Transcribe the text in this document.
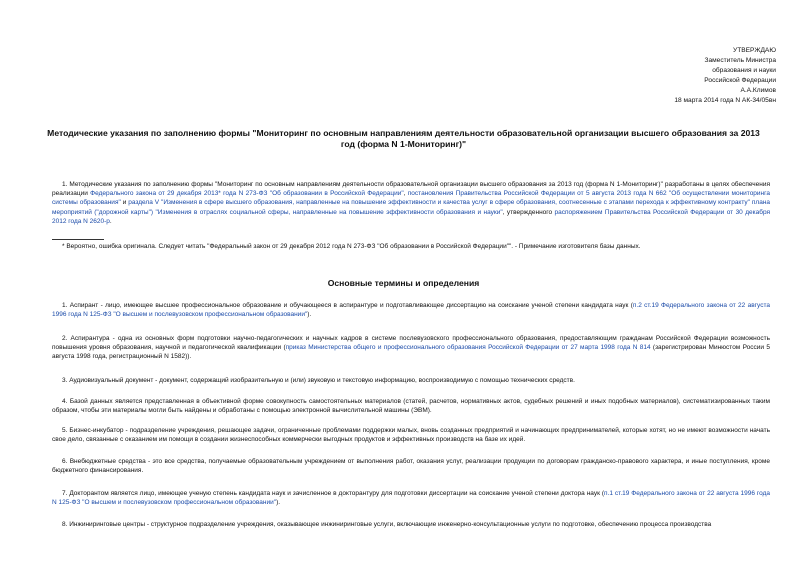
УТВЕРЖДАЮ
Заместитель Министра
образования и науки
Российской Федерации
А.А.Климов
18 марта 2014 года N АК-34/05вн
Методические указания по заполнению формы "Мониторинг по основным направлениям деятельности образовательной организации высшего образования за 2013 год (форма N 1-Мониторинг)"
1. Методические указания по заполнению формы "Мониторинг по основным направлениям деятельности образовательной организации высшего образования за 2013 год (форма N 1-Мониторинг)" разработаны в целях обеспечения реализации Федерального закона от 29 декабря 2013* года N 273-ФЗ "Об образовании в Российской Федерации", постановления Правительства Российской Федерации от 5 августа 2013 года N 662 "Об осуществлении мониторинга системы образования" и раздела V "Изменения в сфере высшего образования, направленные на повышение эффективности и качества услуг в сфере образования, соотнесенные с этапами перехода к эффективному контракту" плана мероприятий ("дорожной карты") "Изменения в отраслях социальной сферы, направленные на повышение эффективности образования и науки", утвержденного распоряжением Правительства Российской Федерации от 30 декабря 2012 года N 2620-р.
* Вероятно, ошибка оригинала. Следует читать "Федеральный закон от 29 декабря 2012 года N 273-ФЗ "Об образовании в Российской Федерации"". - Примечание изготовителя базы данных.
Основные термины и определения
1. Аспирант - лицо, имеющее высшее профессиональное образование и обучающееся в аспирантуре и подготавливающее диссертацию на соискание ученой степени кандидата наук (п.2 ст.19 Федерального закона от 22 августа 1996 года N 125-ФЗ "О высшем и послевузовском профессиональном образовании").
2. Аспирантура - одна из основных форм подготовки научно-педагогических и научных кадров в системе послевузовского профессионального образования, предоставляющим гражданам Российской Федерации возможность повышения уровня образования, научной и педагогической квалификации (приказ Министерства общего и профессионального образования Российской Федерации от 27 марта 1998 года N 814 (зарегистрирован Минюстом России 5 августа 1998 года, регистрационный N 1582)).
3. Аудиовизуальный документ - документ, содержащий изобразительную и (или) звуковую и текстовую информацию, воспроизводимую с помощью технических средств.
4. Базой данных является представленная в объективной форме совокупность самостоятельных материалов (статей, расчетов, нормативных актов, судебных решений и иных подобных материалов), систематизированных таким образом, чтобы эти материалы могли быть найдены и обработаны с помощью электронной вычислительной машины (ЭВМ).
5. Бизнес-инкубатор - подразделение учреждения, решающее задачи, ограниченные проблемами поддержки малых, вновь созданных предприятий и начинающих предпринимателей, которые хотят, но не имеют возможности начать свое дело, связанные с оказанием им помощи в создании жизнеспособных коммерчески выгодных продуктов и эффективных производств на базе их идей.
6. Внебюджетные средства - это все средства, получаемые образовательным учреждением от выполнения работ, оказания услуг, реализации продукции по договорам гражданско-правового характера, и иные поступления, кроме бюджетного финансирования.
7. Докторантом является лицо, имеющее ученую степень кандидата наук и зачисленное в докторантуру для подготовки диссертации на соискание ученой степени доктора наук (п.1 ст.19 Федерального закона от 22 августа 1996 года N 125-ФЗ "О высшем и послевузовском профессиональном образовании").
8. Инжиниринговые центры - структурное подразделение учреждения, оказывающее инжиниринговые услуги, включающие инженерно-консультационные услуги по подготовке, обеспечению процесса производства
